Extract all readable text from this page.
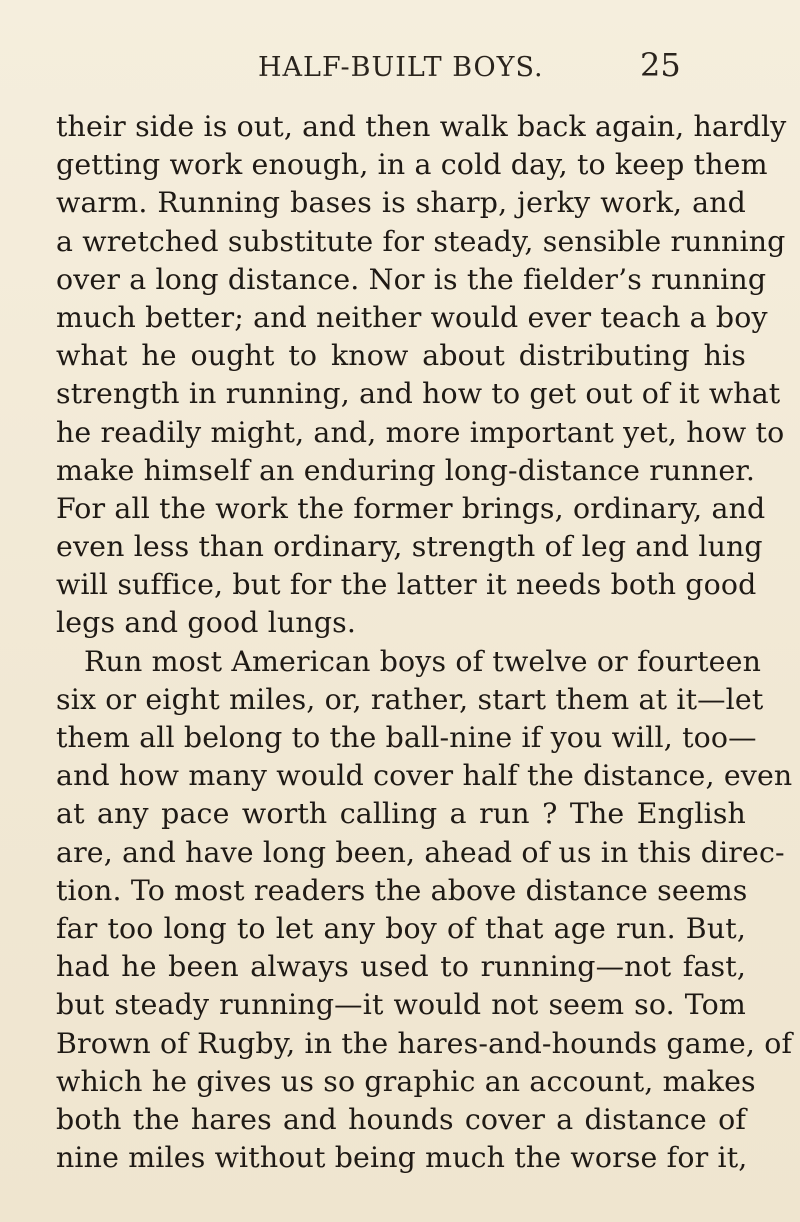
HALF-BUILT BOYS.	25
their side is out, and then walk back again, hardly
getting work enough, in a cold day, to keep them
warm. Running bases is sharp, jerky work, and
a wretched substitute for steady, sensible running
over a long distance. Nor is the fielder’s running
much better; and neither would ever teach a boy
what he ought to know about distributing his
strength in running, and how to get out of it what
he readily might, and, more important yet, how to
make himself an enduring long-distance runner.
For all the work the former brings, ordinary, and
even less than ordinary, strength of leg and lung
will suffice, but for the latter it needs both good
legs and good lungs.
Run most American boys of twelve or fourteen
six or eight miles, or, rather, start them at it—let
them all belong to the ball-nine if you will, too—
and how many would cover half the distance, even
at any pace worth calling a run ? The English
are, and have long been, ahead of us in this direc-
tion. To most readers the above distance seems
far too long to let any boy of that age run. But,
had he been always used to running—not fast,
but steady running—it would not seem so. Tom
Brown of Rugby, in the hares-and-hounds game, of
which he gives us so graphic an account, makes
both the hares and hounds cover a distance of
nine miles without being much the worse for it,
